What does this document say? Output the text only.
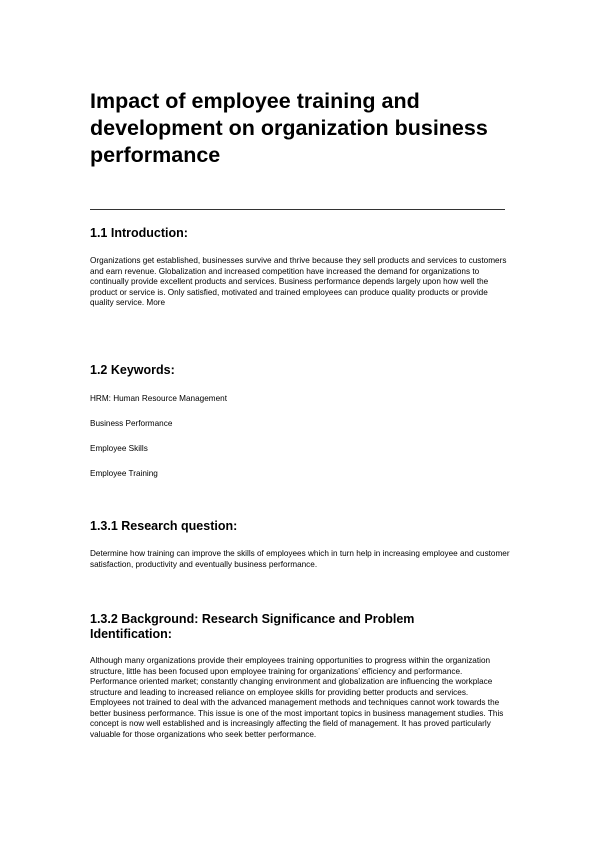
Impact of employee training and development on organization business performance
1.1 Introduction:

Organizations get established, businesses survive and thrive because they sell products and services to customers and earn revenue. Globalization and increased competition have increased the demand for organizations to continually provide excellent products and services. Business performance depends largely upon how well the product or service is. Only satisfied, motivated and trained employees can produce quality products or provide quality service. More

1.2 Keywords:

HRM: Human Resource Management

Business Performance

Employee Skills

Employee Training

1.3.1 Research question:

Determine how training can improve the skills of employees which in turn help in increasing employee and customer satisfaction, productivity and eventually business performance.

1.3.2 Background: Research Significance and Problem Identification:

Although many organizations provide their employees training opportunities to progress within the organization structure, little has been focused upon employee training for organizations’ efficiency and performance. Performance oriented market; constantly changing environment and globalization are influencing the workplace structure and leading to increased reliance on employee skills for providing better products and services. Employees not trained to deal with the advanced management methods and techniques cannot work towards the better business performance. This issue is one of the most important topics in business management studies. This concept is now well established and is increasingly affecting the field of management. It has proved particularly valuable for those organizations who seek better performance.
